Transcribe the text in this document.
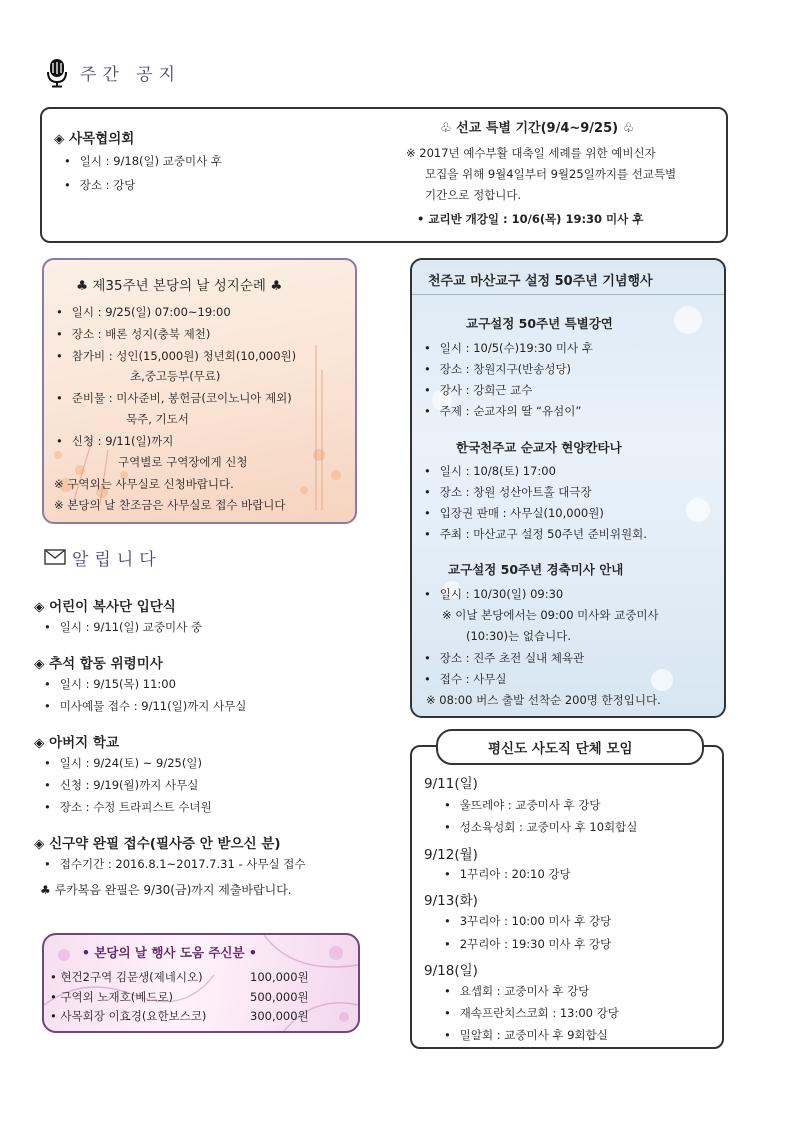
주간 공지
◈ 사목협의회
• 일시 : 9/18(일) 교중미사 후
• 장소 : 강당
♧ 선교 특별 기간(9/4~9/25) ♧
※ 2017년 예수부활 대축일 세례를 위한 예비신자
모집을 위해 9월4일부터 9월25일까지를 선교특별
기간으로 정합니다.
• 교리반 개강일 : 10/6(목) 19:30 미사 후
♣ 제35주년 본당의 날 성지순례 ♣
• 일시 : 9/25(일) 07:00~19:00
• 장소 : 배론 성지(충북 제천)
• 참가비 : 성인(15,000원) 청년회(10,000원)
초,중고등부(무료)
• 준비물 : 미사준비, 봉헌금(코이노니아 제외)
묵주, 기도서
• 신청 : 9/11(일)까지
구역별로 구역장에게 신청
※ 구역외는 사무실로 신청바랍니다.
※ 본당의 날 찬조금은 사무실로 접수 바랍니다
알립니다
◈ 어린이 복사단 입단식
• 일시 : 9/11(일) 교중미사 중
◈ 추석 합동 위령미사
• 일시 : 9/15(목) 11:00
• 미사예물 접수 : 9/11(일)까지 사무실
◈ 아버지 학교
• 일시 : 9/24(토) ~ 9/25(일)
• 신청 : 9/19(월)까지 사무실
• 장소 : 수정 트라피스트 수녀원
◈ 신구약 완필 접수(필사증 안 받으신 분)
• 접수기간 : 2016.8.1~2017.7.31 - 사무실 접수
♣ 루카복음 완필은 9/30(금)까지 제출바랍니다.
• 본당의 날 행사 도움 주신분 •
• 현건2구역 김문생(제네시오)	100,000원
• 구역외 노재호(베드로)	500,000원
• 사목회장 이효경(요한보스코)	300,000원
천주교 마산교구 설정 50주년 기념행사
교구설정 50주년 특별강연
• 일시 : 10/5(수)19:30 미사 후
• 장소 : 창원지구(반송성당)
• 강사 : 강희근 교수
• 주제 : 순교자의 딸 “유섬이”
한국천주교 순교자 현양칸타나
• 일시 : 10/8(토) 17:00
• 장소 : 창원 성산아트홀 대극장
• 입장권 판매 : 사무실(10,000원)
• 주최 : 마산교구 설정 50주년 준비위원회.
교구설정 50주년 경축미사 안내
• 일시 : 10/30(일) 09:30
※ 이날 본당에서는 09:00 미사와 교중미사
(10:30)는 없습니다.
• 장소 : 진주 초전 실내 체육관
• 접수 : 사무실
※ 08:00 버스 출발 선착순 200명 한정입니다.
평신도 사도직 단체 모임
9/11(일)
• 울뜨레야 : 교중미사 후 강당
• 성소육성회 : 교중미사 후 10회합실
9/12(월)
• 1꾸리아 : 20:10 강당
9/13(화)
• 3꾸리아 : 10:00 미사 후 강당
• 2꾸리아 : 19:30 미사 후 강당
9/18(일)
• 요셉회 : 교중미사 후 강당
• 재속프란치스코회 : 13:00 강당
• 밀알회 : 교중미사 후 9회합실
